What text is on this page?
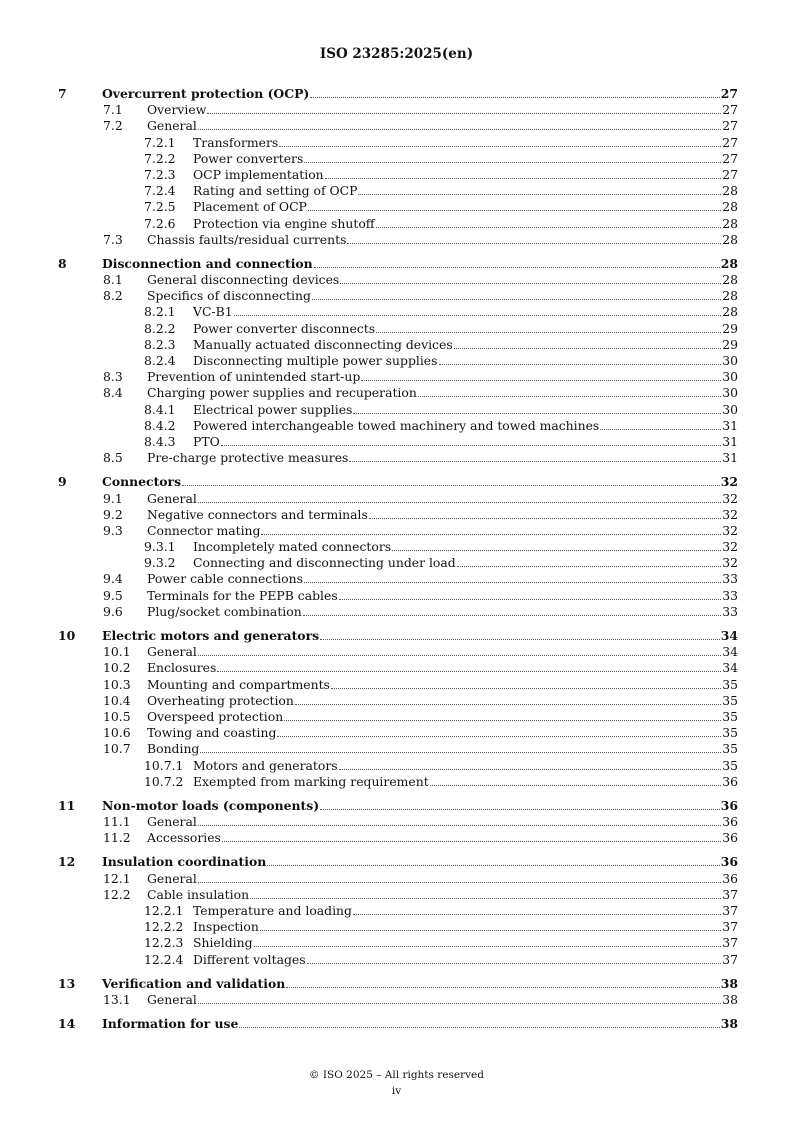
ISO 23285:2025(en)
7	Overcurrent protection (OCP)	27
7.1 Overview	27
7.2 General	27
7.2.1 Transformers	27
7.2.2 Power converters	27
7.2.3 OCP implementation	27
7.2.4 Rating and setting of OCP	28
7.2.5 Placement of OCP	28
7.2.6 Protection via engine shutoff	28
7.3 Chassis faults/residual currents	28
8	Disconnection and connection	28
8.1 General disconnecting devices	28
8.2 Specifics of disconnecting	28
8.2.1 VC-B1	28
8.2.2 Power converter disconnects	29
8.2.3 Manually actuated disconnecting devices	29
8.2.4 Disconnecting multiple power supplies	30
8.3 Prevention of unintended start-up	30
8.4 Charging power supplies and recuperation	30
8.4.1 Electrical power supplies	30
8.4.2 Powered interchangeable towed machinery and towed machines	31
8.4.3 PTO	31
8.5 Pre-charge protective measures	31
9	Connectors	32
9.1 General	32
9.2 Negative connectors and terminals	32
9.3 Connector mating	32
9.3.1 Incompletely mated connectors	32
9.3.2 Connecting and disconnecting under load	32
9.4 Power cable connections	33
9.5 Terminals for the PEPB cables	33
9.6 Plug/socket combination	33
10 Electric motors and generators	34
10.1 General	34
10.2 Enclosures	34
10.3 Mounting and compartments	35
10.4 Overheating protection	35
10.5 Overspeed protection	35
10.6 Towing and coasting	35
10.7 Bonding	35
10.7.1 Motors and generators	35
10.7.2 Exempted from marking requirement	36
11 Non-motor loads (components)	36
11.1 General	36
11.2 Accessories	36
12 Insulation coordination	36
12.1 General	36
12.2 Cable insulation	37
12.2.1 Temperature and loading	37
12.2.2 Inspection	37
12.2.3 Shielding	37
12.2.4 Different voltages	37
13 Verification and validation	38
13.1 General	38
14 Information for use	38
© ISO 2025 – All rights reserved
iv
